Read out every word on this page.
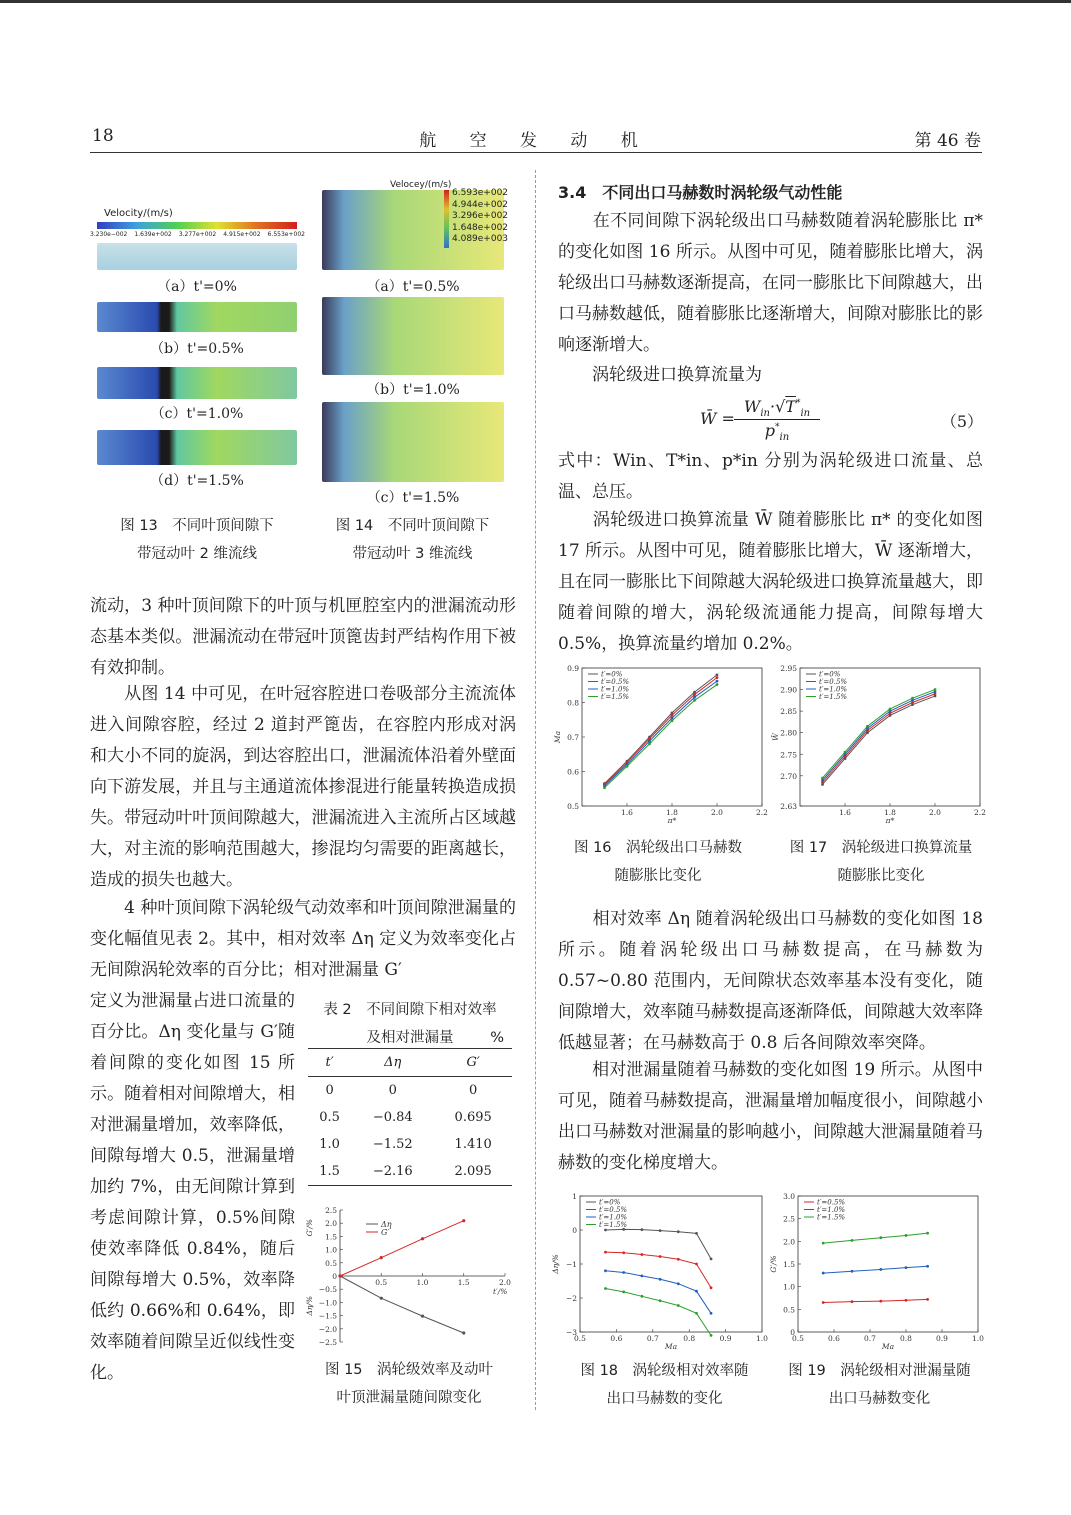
18	航 空 发 动 机	第 46 卷
Velocity/(m/s)
3.230e−002 1.639e+002 3.277e+002 4.915e+002 6.553e+002
（a）t'=0%
（b）t'=0.5%
（c）t'=1.0%
（d）t'=1.5%
图 13　不同叶顶间隙下
带冠动叶 2 维流线
Velocey/(m/s)
6.593e+002
4.944e+002
3.296e+002
1.648e+002
4.089e+003
（a）t'=0.5%
（b）t'=1.0%
（c）t'=1.5%
图 14　不同叶顶间隙下
带冠动叶 3 维流线
流动，3 种叶顶间隙下的叶顶与机匣腔室内的泄漏流动形态基本类似。泄漏流动在带冠叶顶篦齿封严结构作用下被有效抑制。
　　从图 14 中可见，在叶冠容腔进口卷吸部分主流流体进入间隙容腔，经过 2 道封严篦齿，在容腔内形成对涡和大小不同的旋涡，到达容腔出口，泄漏流体沿着外壁面向下游发展，并且与主通道流体掺混进行能量转换造成损失。带冠动叶叶顶间隙越大，泄漏流进入主流所占区域越大，对主流的影响范围越大，掺混均匀需要的距离越长，造成的损失也越大。
　　4 种叶顶间隙下涡轮级气动效率和叶顶间隙泄漏量的变化幅值见表 2。其中，相对效率 Δη 定义为效率变化占无间隙涡轮效率的百分比；相对泄漏量 G′
定义为泄漏量占进口流量的百分比。Δη 变化量与 G′随着间隙的变化如图 15 所示。随着相对间隙增大，相对泄漏量增加，效率降低，间隙每增大 0.5，泄漏量增加约 7%，由无间隙计算到考虑间隙计算，0.5%间隙使效率降低 0.84%，随后间隙每增大 0.5%，效率降低约 0.66%和 0.64%，即效率随着间隙呈近似线性变化。
表 2　不同间隙下相对效率
及相对泄漏量	%
t′	Δη	G′
0	0	0
0.5	−0.84	0.695
1.0	−1.52	1.410
1.5	−2.16	2.095
2.5
2.0
1.5
1.0
0.5
0
−0.5
−1.0
−1.5
−2.0
−2.5
0.5	1.0	1.5	2.0
t′/%
G′/%
Δη/%
Δη
G′
图 15　涡轮级效率及动叶
叶顶泄漏量随间隙变化
3.4　不同出口马赫数时涡轮级气动性能
　　在不同间隙下涡轮级出口马赫数随着涡轮膨胀比 π* 的变化如图 16 所示。从图中可见，随着膨胀比增大，涡轮级出口马赫数逐渐提高，在同一膨胀比下间隙越大，出口马赫数越低，随着膨胀比逐渐增大，间隙对膨胀比的影响逐渐增大。
　　涡轮级进口换算流量为
W̄ =
$W_{in}\cdot√T^*_{in}$
$p^*_{in}$
（5）
式中：Win、T*in、p*in 分别为涡轮级进口流量、总温、总压。
　　涡轮级进口换算流量 W̄ 随着膨胀比 π* 的变化如图17 所示。从图中可见，随着膨胀比增大，W̄ 逐渐增大，且在同一膨胀比下间隙越大涡轮级进口换算流量越大，即随着间隙的增大，涡轮级流通能力提高，间隙每增大 0.5%，换算流量约增加 0.2%。
0.9
0.8
0.7
0.6
0.5
1.6	1.8	2.0	2.2
π*
Ma
t′=0%
t′=0.5%
t′=1.0%
t′=1.5%
2.95
2.90
2.85
2.80
2.75
2.70
2.63
1.6	1.8	2.0	2.2
π*
W̄
t′=0%
t′=0.5%
t′=1.0%
t′=1.5%
图 16　涡轮级出口马赫数
随膨胀比变化
图 17　涡轮级进口换算流量
随膨胀比变化
　　相对效率 Δη 随着涡轮级出口马赫数的变化如图 18 所示。随着涡轮级出口马赫数提高，在马赫数为 0.57~0.80 范围内，无间隙状态效率基本没有变化，随间隙增大，效率随马赫数提高逐渐降低，间隙越大效率降低越显著；在马赫数高于 0.8 后各间隙效率突降。
　　相对泄漏量随着马赫数的变化如图 19 所示。从图中可见，随着马赫数提高，泄漏量增加幅度很小，间隙越小出口马赫数对泄漏量的影响越小，间隙越大泄漏量随着马赫数的变化梯度增大。
1
0
−1
−2
−3
0.5	0.6	0.7	0.8	0.9	1.0
Ma
Δη/%
t′=0%
t′=0.5%
t′=1.0%
t′=1.5%
3.0
2.5
2.0
1.5
1.0
0.5
0
0.5	0.6	0.7	0.8	0.9	1.0
Ma
G′/%
t′=0.5%
t′=1.0%
t′=1.5%
图 18　涡轮级相对效率随
出口马赫数的变化
图 19　涡轮级相对泄漏量随
出口马赫数变化
